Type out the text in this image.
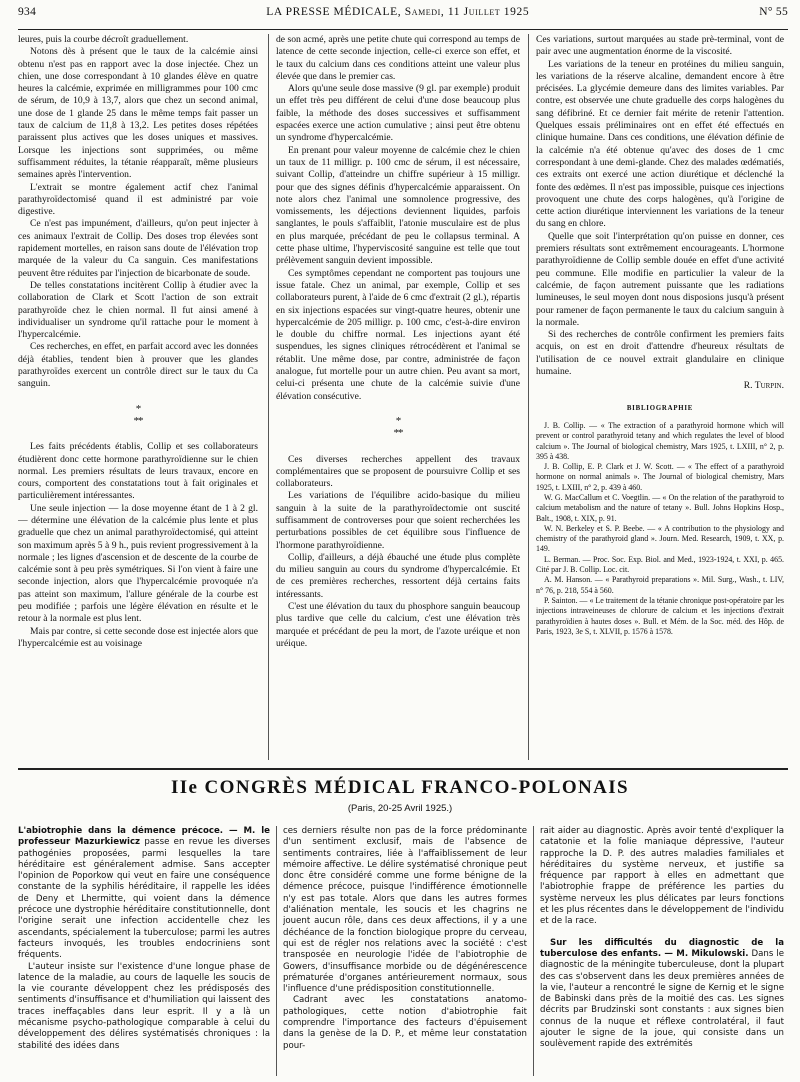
934	LA PRESSE MÉDICALE, Samedi, 11 Juillet 1925	N° 55

leures, puis la courbe décroît graduellement.

Notons dès à présent que le taux de la calcémie ainsi obtenu n'est pas en rapport avec la dose injectée. Chez un chien, une dose correspondant à 10 glandes élève en quatre heures la calcémie, exprimée en milligrammes pour 100 cmc de sérum, de 10,9 à 13,7, alors que chez un second animal, une dose de 1 glande 25 dans le même temps fait passer un taux de calcium de 11,8 à 13,2. Les petites doses répétées paraissent plus actives que les doses uniques et massives. Lorsque les injections sont supprimées, ou même suffisamment réduites, la tétanie réapparaît, même plusieurs semaines après l'intervention.

L'extrait se montre également actif chez l'animal parathyroïdectomisé quand il est administré par voie digestive.

Ce n'est pas impunément, d'ailleurs, qu'on peut injecter à ces animaux l'extrait de Collip. Des doses trop élevées sont rapidement mortelles, en raison sans doute de l'élévation trop marquée de la valeur du Ca sanguin. Ces manifestations peuvent être réduites par l'injection de bicarbonate de soude.

De telles constatations incitèrent Collip à étudier avec la collaboration de Clark et Scott l'action de son extrait parathyroïde chez le chien normal. Il fut ainsi amené à individualiser un syndrome qu'il rattache pour le moment à l'hypercalcémie.

Ces recherches, en effet, en parfait accord avec les données déjà établies, tendent bien à prouver que les glandes parathyroïdes exercent un contrôle direct sur le taux du Ca sanguin.

*
**

Les faits précédents établis, Collip et ses collaborateurs étudièrent donc cette hormone parathyroïdienne sur le chien normal. Les premiers résultats de leurs travaux, encore en cours, comportent des constatations tout à fait originales et particulièrement intéressantes.

Une seule injection — la dose moyenne étant de 1 à 2 gl. — détermine une élévation de la calcémie plus lente et plus graduelle que chez un animal parathyroïdectomisé, qui atteint son maximum après 5 à 9 h., puis revient progressivement à la normale ; les lignes d'ascension et de descente de la courbe de calcémie sont à peu près symétriques. Si l'on vient à faire une seconde injection, alors que l'hypercalcémie provoquée n'a pas atteint son maximum, l'allure générale de la courbe est peu modifiée ; parfois une légère élévation en résulte et le retour à la normale est plus lent.

Mais par contre, si cette seconde dose est injectée alors que l'hypercalcémie est au voisinage

de son acmé, après une petite chute qui correspond au temps de latence de cette seconde injection, celle-ci exerce son effet, et le taux du calcium dans ces conditions atteint une valeur plus élevée que dans le premier cas.

Alors qu'une seule dose massive (9 gl. par exemple) produit un effet très peu différent de celui d'une dose beaucoup plus faible, la méthode des doses successives et suffisamment espacées exerce une action cumulative ; ainsi peut être obtenu un syndrome d'hypercalcémie.

En prenant pour valeur moyenne de calcémie chez le chien un taux de 11 milligr. p. 100 cmc de sérum, il est nécessaire, suivant Collip, d'atteindre un chiffre supérieur à 15 milligr. pour que des signes définis d'hypercalcémie apparaissent. On note alors chez l'animal une somnolence progressive, des vomissements, les déjections deviennent liquides, parfois sanglantes, le pouls s'affaiblit, l'atonie musculaire est de plus en plus marquée, précédant de peu le collapsus terminal. A cette phase ultime, l'hyperviscosité sanguine est telle que tout prélèvement sanguin devient impossible.

Ces symptômes cependant ne comportent pas toujours une issue fatale. Chez un animal, par exemple, Collip et ses collaborateurs purent, à l'aide de 6 cmc d'extrait (2 gl.), répartis en six injections espacées sur vingt-quatre heures, obtenir une hypercalcémie de 205 milligr. p. 100 cmc, c'est-à-dire environ le double du chiffre normal. Les injections ayant été suspendues, les signes cliniques rétrocédèrent et l'animal se rétablit. Une même dose, par contre, administrée de façon analogue, fut mortelle pour un autre chien. Peu avant sa mort, celui-ci présenta une chute de la calcémie suivie d'une élévation consécutive.

*
**

Ces diverses recherches appellent des travaux complémentaires que se proposent de poursuivre Collip et ses collaborateurs.

Les variations de l'équilibre acido-basique du milieu sanguin à la suite de la parathyroïdectomie ont suscité suffisamment de controverses pour que soient recherchées les perturbations possibles de cet équilibre sous l'influence de l'hormone parathyroïdienne.

Collip, d'ailleurs, a déjà ébauché une étude plus complète du milieu sanguin au cours du syndrome d'hypercalcémie. Et de ces premières recherches, ressortent déjà certains faits intéressants.

C'est une élévation du taux du phosphore sanguin beaucoup plus tardive que celle du calcium, c'est une élévation très marquée et précédant de peu la mort, de l'azote uréique et non uréique.

Ces variations, surtout marquées au stade prè-terminal, vont de pair avec une augmentation énorme de la viscosité.

Les variations de la teneur en protéines du milieu sanguin, les variations de la réserve alcaline, demandent encore à être précisées. La glycémie demeure dans des limites variables. Par contre, est observée une chute graduelle des corps halogènes du sang défibriné. Et ce dernier fait mérite de retenir l'attention. Quelques essais préliminaires ont en effet été effectués en clinique humaine. Dans ces conditions, une élévation définie de la calcémie n'a été obtenue qu'avec des doses de 1 cmc correspondant à une demi-glande. Chez des malades œdématiés, ces extraits ont exercé une action diurétique et déclenché la fonte des œdèmes. Il n'est pas impossible, puisque ces injections provoquent une chute des corps halogènes, qu'à l'origine de cette action diurétique interviennent les variations de la teneur du sang en chlore.

Quelle que soit l'interprétation qu'on puisse en donner, ces premiers résultats sont extrêmement encourageants. L'hormone parathyroïdienne de Collip semble douée en effet d'une activité peu commune. Elle modifie en particulier la valeur de la calcémie, de façon autrement puissante que les radiations lumineuses, le seul moyen dont nous disposions jusqu'à présent pour ramener de façon permanente le taux du calcium sanguin à la normale.

Si des recherches de contrôle confirment les premiers faits acquis, on est en droit d'attendre d'heureux résultats de l'utilisation de ce nouvel extrait glandulaire en clinique humaine.

R. Turpin.
BIBLIOGRAPHIE

J. B. Collip. — « The extraction of a parathyroid hormone which will prevent or control parathyroid tetany and which regulates the level of blood calcium ». The Journal of biological chemistry, Mars 1925, t. LXIII, n° 2, p. 395 à 438.

J. B. Collip, E. P. Clark et J. W. Scott. — « The effect of a parathyroid hormone on normal animals ». The Journal of biological chemistry, Mars 1925, t. LXIII, n° 2, p. 439 à 460.

W. G. MacCallum et C. Voegtlin. — « On the relation of the parathyroid to calcium metabolism and the nature of tetany ». Bull. Johns Hopkins Hosp., Balt., 1908, t. XIX, p. 91.

W. N. Berkeley et S. P. Beebe. — « A contribution to the physiology and chemistry of the parathyroid gland ». Journ. Med. Research, 1909, t. XX, p. 149.

L. Berman. — Proc. Soc. Exp. Biol. and Med., 1923-1924, t. XXI, p. 465. Cité par J. B. Collip. Loc. cit.

A. M. Hanson. — « Parathyroid preparations ». Mil. Surg., Wash., t. LIV, n° 76, p. 218, 554 à 560.

P. Sainton. — « Le traitement de la tétanie chronique post-opératoire par les injections intraveineuses de chlorure de calcium et les injections d'extrait parathyroïdien à hautes doses ». Bull. et Mém. de la Soc. méd. des Hôp. de Paris, 1923, 3e S, t. XLVII, p. 1576 à 1578.

IIe CONGRÈS MÉDICAL FRANCO-POLONAIS
(Paris, 20-25 Avril 1925.)

L'abiotrophie dans la démence précoce. — M. le professeur Mazurkiewicz passe en revue les diverses pathogénies proposées, parmi lesquelles la tare héréditaire est généralement admise. Sans accepter l'opinion de Poporkow qui veut en faire une conséquence constante de la syphilis héréditaire, il rappelle les idées de Deny et Lhermitte, qui voient dans la démence précoce une dystrophie héréditaire constitutionnelle, dont l'origine serait une infection accidentelle chez les ascendants, spécialement la tuberculose; parmi les autres facteurs invoqués, les troubles endocriniens sont fréquents.

L'auteur insiste sur l'existence d'une longue phase de latence de la maladie, au cours de laquelle les soucis de la vie courante développent chez les prédisposés des sentiments d'insuffisance et d'humiliation qui laissent des traces ineffaçables dans leur esprit. Il y a là un mécanisme psycho-pathologique comparable à celui du développement des délires systématisés chroniques : la stabilité des idées dans

ces derniers résulte non pas de la force prédominante d'un sentiment exclusif, mais de l'absence de sentiments contraires, liée à l'affaiblissement de leur mémoire affective. Le délire systématisé chronique peut donc être considéré comme une forme bénigne de la démence précoce, puisque l'indifférence émotionnelle n'y est pas totale. Alors que dans les autres formes d'aliénation mentale, les soucis et les chagrins ne jouent aucun rôle, dans ces deux affections, il y a une déchéance de la fonction biologique propre du cerveau, qui est de régler nos relations avec la société : c'est transposée en neurologie l'idée de l'abiotrophie de Gowers, d'insuffisance morbide ou de dégénérescence prématurée d'organes antérieurement normaux, sous l'influence d'une prédisposition constitutionnelle.

Cadrant avec les constatations anatomo-pathologiques, cette notion d'abiotrophie fait comprendre l'importance des facteurs d'épuisement dans la genèse de la D. P., et même leur constatation pour-

rait aider au diagnostic. Après avoir tenté d'expliquer la catatonie et la folie maniaque dépressive, l'auteur rapproche la D. P. des autres maladies familiales et héréditaires du système nerveux, et justifie sa fréquence par rapport à elles en admettant que l'abiotrophie frappe de préférence les parties du système nerveux les plus délicates par leurs fonctions et les plus récentes dans le développement de l'individu et de la race.

Sur les difficultés du diagnostic de la tuberculose des enfants. — M. Mikulowski. Dans le diagnostic de la méningite tuberculeuse, dont la plupart des cas s'observent dans les deux premières années de la vie, l'auteur a rencontré le signe de Kernig et le signe de Babinski dans près de la moitié des cas. Les signes décrits par Brudzinski sont constants : aux signes bien connus de la nuque et réflexe controlatéral, il faut ajouter le signe de la joue, qui consiste dans un soulèvement rapide des extrémités
